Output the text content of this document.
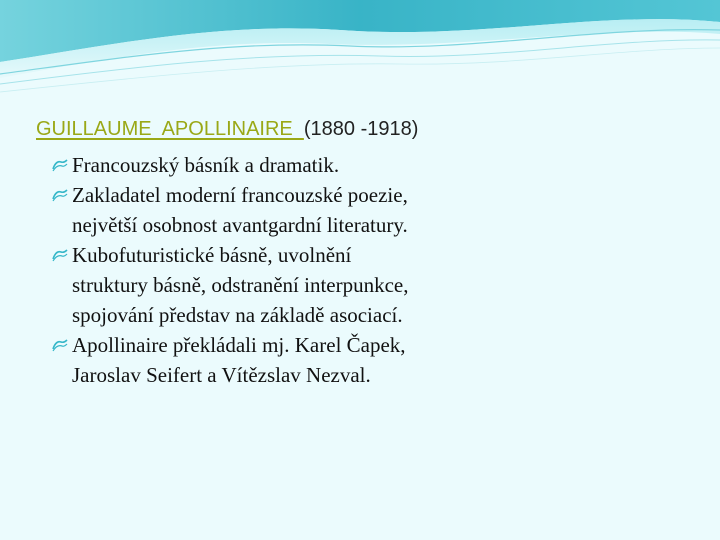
GUILLAUME  APOLLINAIRE  (1880 -1918)
Francouzský básník a dramatik.
Zakladatel moderní francouzské poezie, největší osobnost avantgardní literatury.
Kubofuturistické básně, uvolnění struktury básně, odstranění interpunkce, spojování představ na základě asociací.
Apollinaire překládali mj. Karel Čapek, Jaroslav Seifert a Vítězslav Nezval.
